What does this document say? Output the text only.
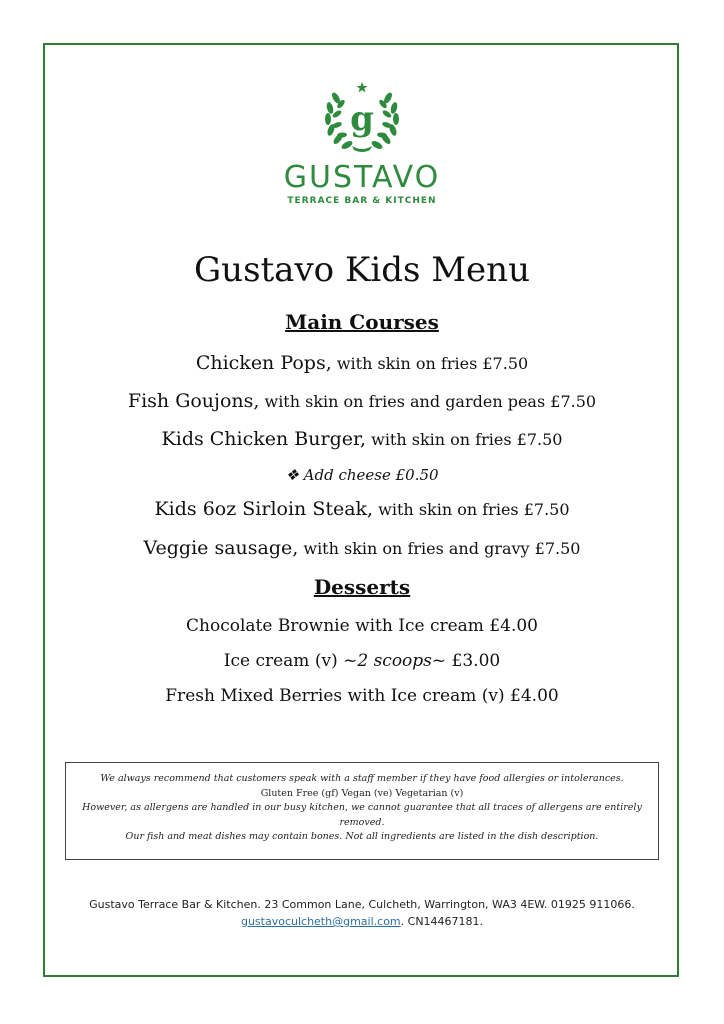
g
GUSTAVO
TERRACE BAR & KITCHEN
Gustavo Kids Menu
Main Courses
Chicken Pops, with skin on fries £7.50
Fish Goujons, with skin on fries and garden peas £7.50
Kids Chicken Burger, with skin on fries £7.50
❖ Add cheese £0.50
Kids 6oz Sirloin Steak, with skin on fries £7.50
Veggie sausage, with skin on fries and gravy £7.50
Desserts
Chocolate Brownie with Ice cream £4.00
Ice cream (v) ~2 scoops~ £3.00
Fresh Mixed Berries with Ice cream (v) £4.00
We always recommend that customers speak with a staff member if they have food allergies or intolerances.
Gluten Free (gf) Vegan (ve) Vegetarian (v)
However, as allergens are handled in our busy kitchen, we cannot guarantee that all traces of allergens are entirely removed.
Our fish and meat dishes may contain bones. Not all ingredients are listed in the dish description.
Gustavo Terrace Bar & Kitchen. 23 Common Lane, Culcheth, Warrington, WA3 4EW. 01925 911066.
gustavoculcheth@gmail.com. CN14467181.
